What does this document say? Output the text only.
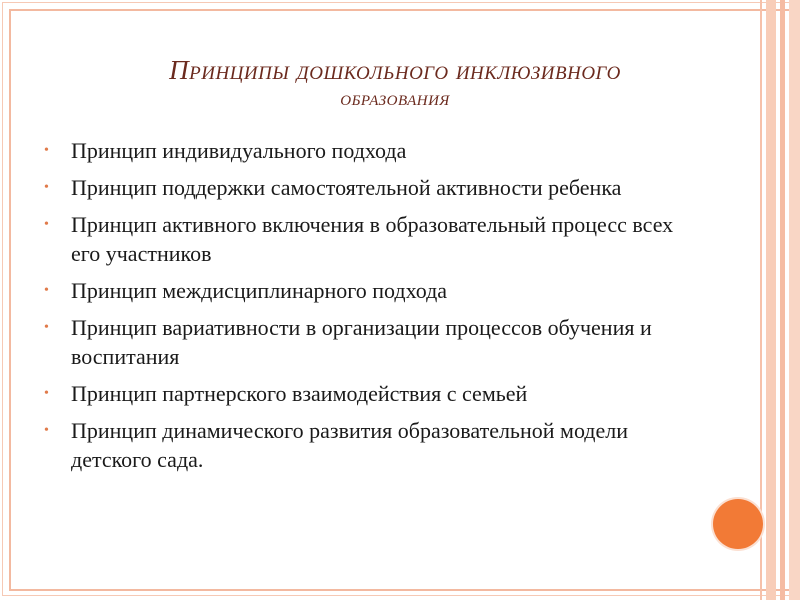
Принципы дошкольного инклюзивного
образования
• Принцип индивидуального подхода
• Принцип поддержки самостоятельной активности ребенка
• Принцип активного включения в образовательный процесс всех его участников
• Принцип междисциплинарного подхода
• Принцип вариативности в организации процессов обучения и воспитания
• Принцип партнерского взаимодействия с семьей
• Принцип динамического развития образовательной модели детского сада.
